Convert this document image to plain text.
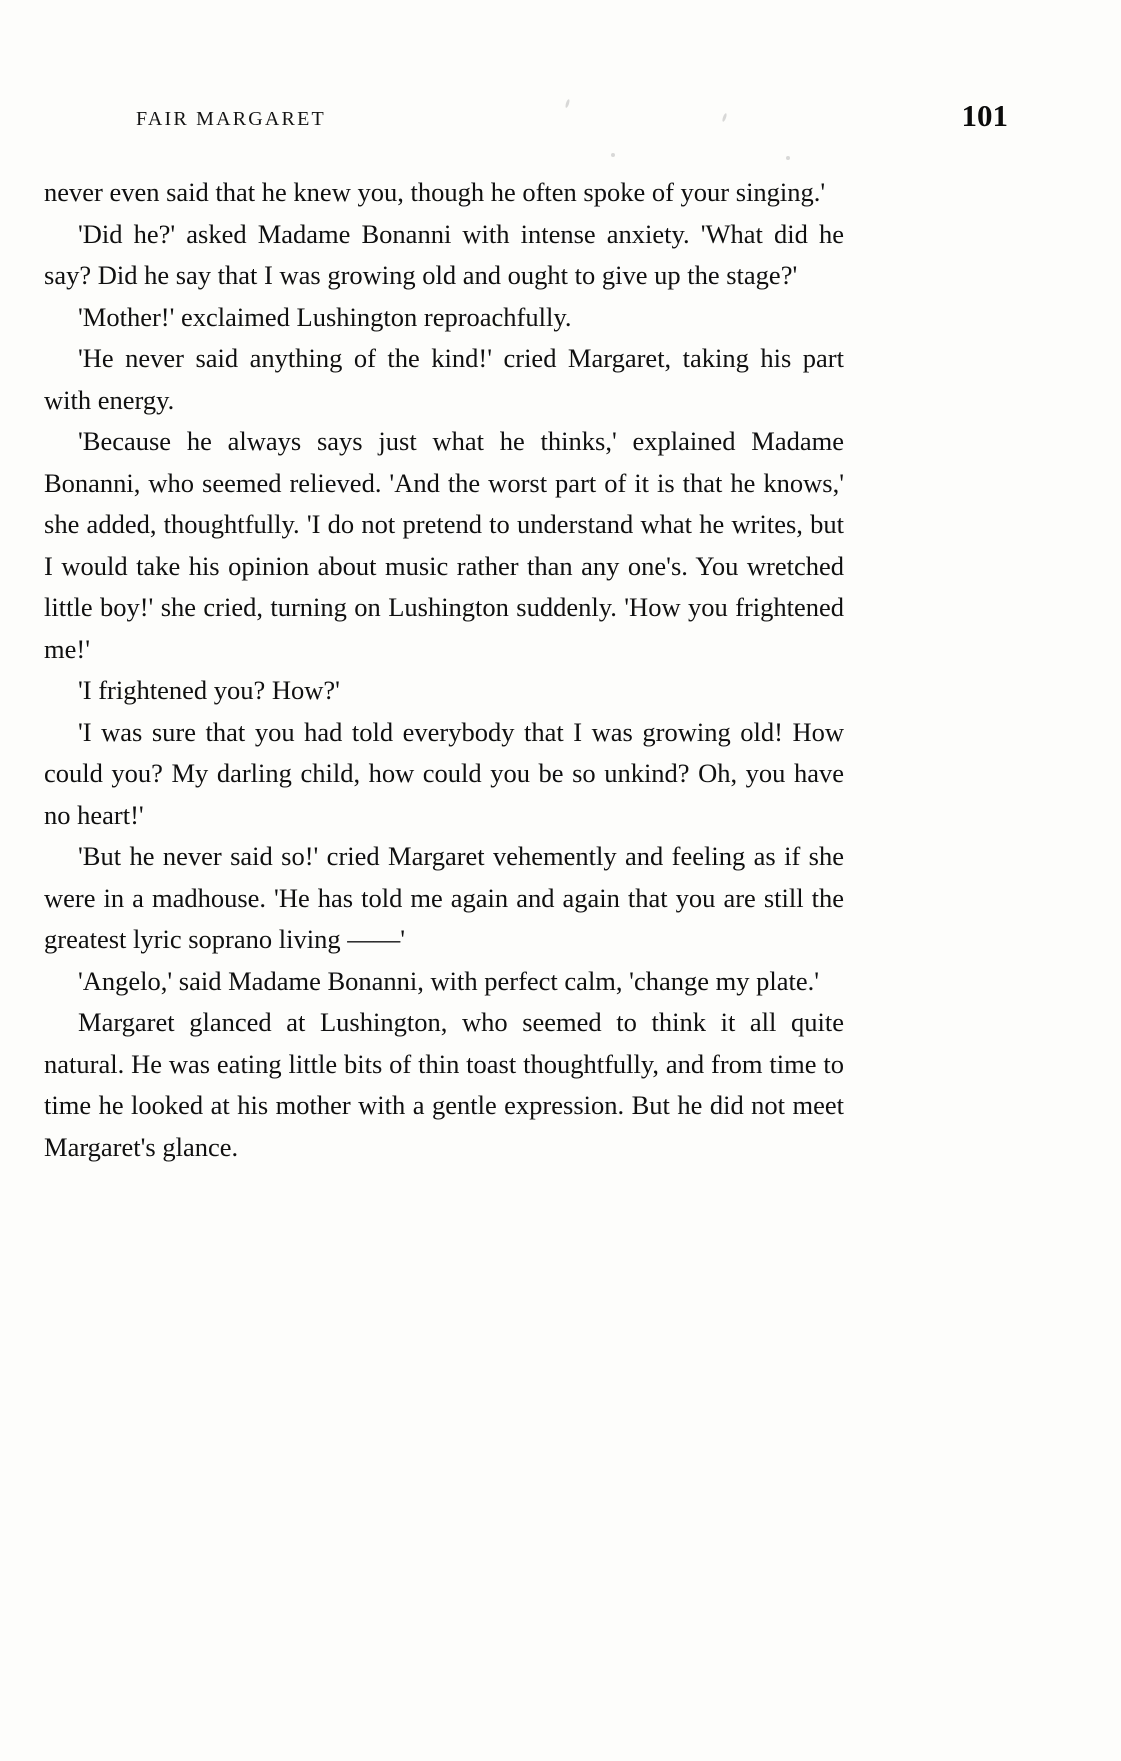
FAIR MARGARET	101

never even said that he knew you, though he often spoke of your singing.'

'Did he?' asked Madame Bonanni with intense anxiety. 'What did he say? Did he say that I was growing old and ought to give up the stage?'

'Mother!' exclaimed Lushington reproachfully.

'He never said anything of the kind!' cried Margaret, taking his part with energy.

'Because he always says just what he thinks,' explained Madame Bonanni, who seemed relieved. 'And the worst part of it is that he knows,' she added, thoughtfully. 'I do not pretend to understand what he writes, but I would take his opinion about music rather than any one's. You wretched little boy!' she cried, turning on Lushington suddenly. 'How you frightened me!'

'I frightened you? How?'

'I was sure that you had told everybody that I was growing old! How could you? My darling child, how could you be so unkind? Oh, you have no heart!'

'But he never said so!' cried Margaret vehemently and feeling as if she were in a madhouse. 'He has told me again and again that you are still the greatest lyric soprano living ——'

'Angelo,' said Madame Bonanni, with perfect calm, 'change my plate.'

Margaret glanced at Lushington, who seemed to think it all quite natural. He was eating little bits of thin toast thoughtfully, and from time to time he looked at his mother with a gentle expression. But he did not meet Margaret's glance.
